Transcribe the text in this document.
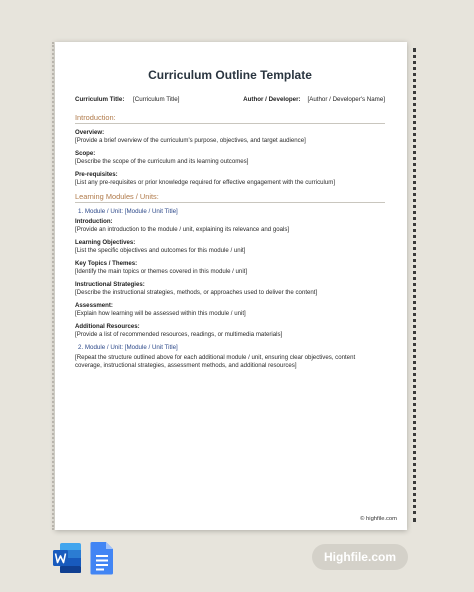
Curriculum Outline Template
Curriculum Title: [Curriculum Title]	Author / Developer: [Author / Developer's Name]
Introduction:
Overview:
[Provide a brief overview of the curriculum's purpose, objectives, and target audience]
Scope:
[Describe the scope of the curriculum and its learning outcomes]
Pre-requisites:
[List any pre-requisites or prior knowledge required for effective engagement with the curriculum]
Learning Modules / Units:
1. Module / Unit: [Module / Unit Title]
Introduction:
[Provide an introduction to the module / unit, explaining its relevance and goals]
Learning Objectives:
[List the specific objectives and outcomes for this module / unit]
Key Topics / Themes:
[Identify the main topics or themes covered in this module / unit]
Instructional Strategies:
[Describe the instructional strategies, methods, or approaches used to deliver the content]
Assessment:
[Explain how learning will be assessed within this module / unit]
Additional Resources:
[Provide a list of recommended resources, readings, or multimedia materials]
2. Module / Unit: [Module / Unit Title]
[Repeat the structure outlined above for each additional module / unit, ensuring clear objectives, content
coverage, instructional strategies, assessment methods, and additional resources]
© highfile.com
Highfile.com
